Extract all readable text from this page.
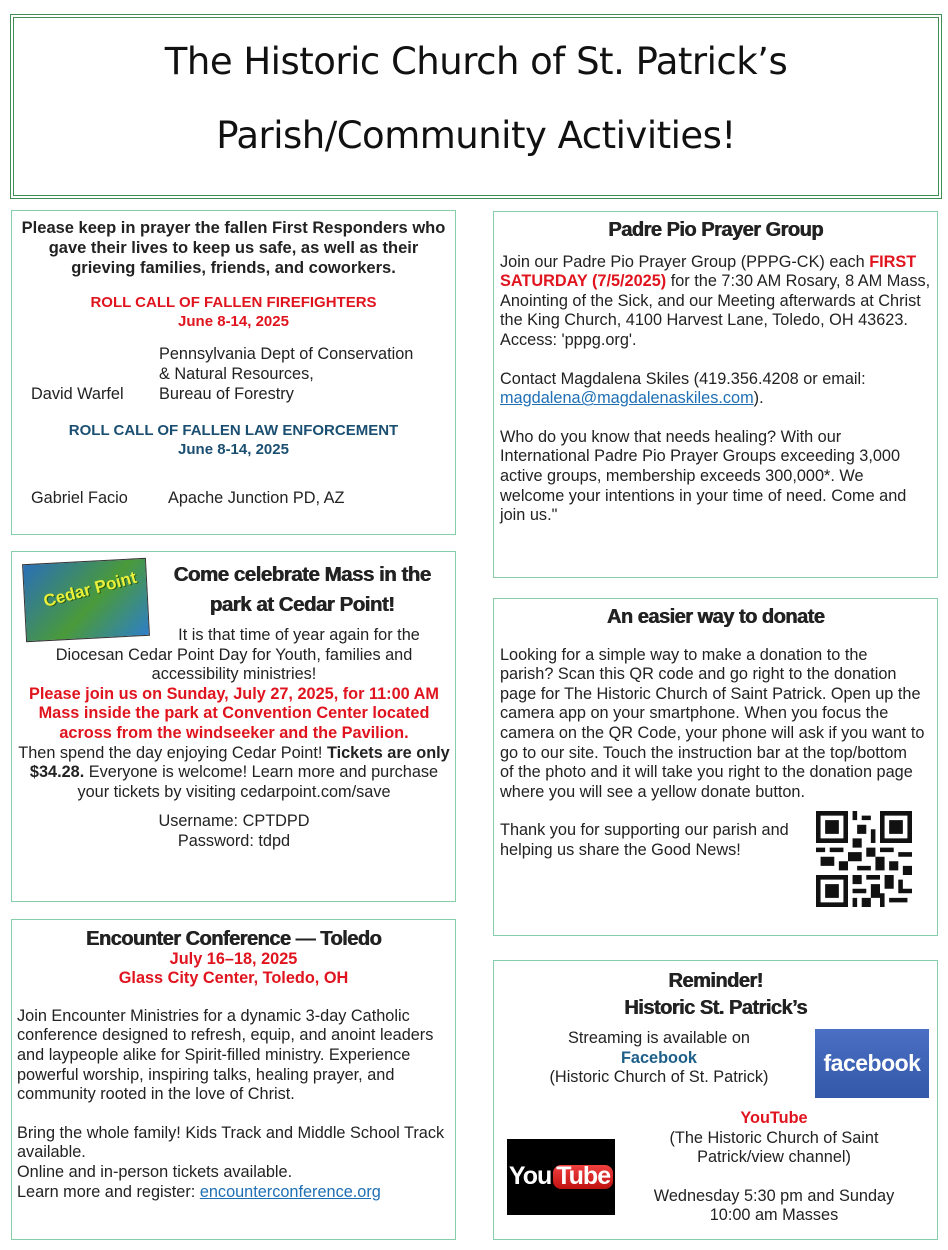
The Historic Church of St. Patrick’s
Parish/Community Activities!

Please keep in prayer the fallen First Responders who gave their lives to keep us safe, as well as their grieving families, friends, and coworkers.

ROLL CALL OF FALLEN FIREFIGHTERS

June 8-14, 2025

David Warfel
Pennsylvania Dept of Conservation
& Natural Resources,
Bureau of Forestry

ROLL CALL OF FALLEN LAW ENFORCEMENT

June 8-14, 2025

Gabriel Facio Apache Junction PD, AZ
Cedar Point	Come celebrate Mass in the park at Cedar Point!

It is that time of year again for the Diocesan Cedar Point Day for Youth, families and accessibility ministries!

Please join us on Sunday, July 27, 2025, for 11:00 AM Mass inside the park at Convention Center located across from the windseeker and the Pavilion.

Then spend the day enjoying Cedar Point! Tickets are only $34.28. Everyone is welcome! Learn more and purchase your tickets by visiting cedarpoint.com/save

Username: CPTDPD

Password: tdpd

Encounter Conference — Toledo

July 16–18, 2025

Glass City Center, Toledo, OH

Join Encounter Ministries for a dynamic 3-day Catholic conference designed to refresh, equip, and anoint leaders and laypeople alike for Spirit-filled ministry. Experience powerful worship, inspiring talks, healing prayer, and community rooted in the love of Christ.

Bring the whole family! Kids Track and Middle School Track available.

Online and in-person tickets available.

Learn more and register: encounterconference.org

Padre Pio Prayer Group

Join our Padre Pio Prayer Group (PPPG-CK) each FIRST SATURDAY (7/5/2025) for the 7:30 AM Rosary, 8 AM Mass, Anointing of the Sick, and our Meeting afterwards at Christ the King Church, 4100 Harvest Lane, Toledo, OH 43623. Access: 'pppg.org'.

Contact Magdalena Skiles (419.356.4208 or email: magdalena@magdalenaskiles.com).

Who do you know that needs healing? With our International Padre Pio Prayer Groups exceeding 3,000 active groups, membership exceeds 300,000*. We welcome your intentions in your time of need. Come and join us."

An easier way to donate

Looking for a simple way to make a donation to the parish? Scan this QR code and go right to the donation page for The Historic Church of Saint Patrick. Open up the camera app on your smartphone. When you focus the camera on the QR Code, your phone will ask if you want to go to our site. Touch the instruction bar at the top/bottom of the photo and it will take you right to the donation page where you will see a yellow donate button.

Thank you for supporting our parish and helping us share the Good News!

Reminder!

Historic St. Patrick’s

Streaming is available on

Facebook

(Historic Church of St. Patrick)

facebook

YouTube

(The Historic Church of Saint Patrick/view channel)

Wednesday 5:30 pm and Sunday 10:00 am Masses

You Tube
